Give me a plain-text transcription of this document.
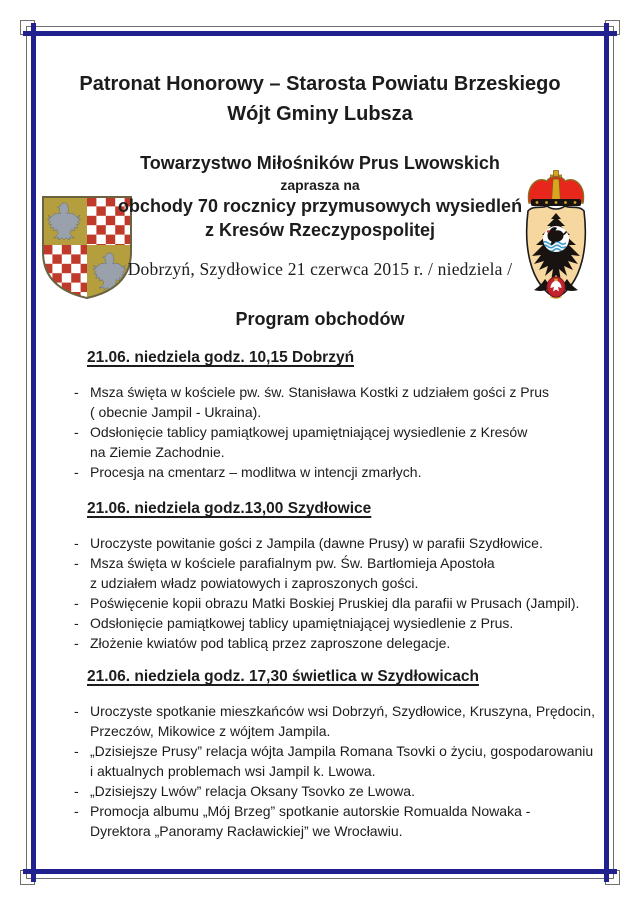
Patronat Honorowy – Starosta Powiatu Brzeskiego
Wójt Gminy Lubsza
Towarzystwo Miłośników Prus Lwowskich
zaprasza na
obchody 70 rocznicy przymusowych wysiedleń
z Kresów Rzeczypospolitej
Dobrzyń, Szydłowice 21 czerwca 2015 r. / niedziela /
Program obchodów
21.06. niedziela godz. 10,15 Dobrzyń
- Msza święta w kościele pw. św. Stanisława Kostki z udziałem gości z Prus
( obecnie Jampil - Ukraina).
- Odsłonięcie tablicy pamiątkowej upamiętniającej wysiedlenie z Kresów
na Ziemie Zachodnie.
- Procesja na cmentarz – modlitwa w intencji zmarłych.
21.06. niedziela godz.13,00 Szydłowice
- Uroczyste powitanie gości z Jampila (dawne Prusy) w parafii Szydłowice.
- Msza święta w kościele parafialnym pw. Św. Bartłomieja Apostoła
z udziałem władz powiatowych i zaproszonych gości.
- Poświęcenie kopii obrazu Matki Boskiej Pruskiej dla parafii w Prusach (Jampil).
- Odsłonięcie pamiątkowej tablicy upamiętniającej wysiedlenie z Prus.
- Złożenie kwiatów pod tablicą przez zaproszone delegacje.
21.06. niedziela godz. 17,30 świetlica w Szydłowicach
- Uroczyste spotkanie mieszkańców wsi Dobrzyń, Szydłowice, Kruszyna, Prędocin,
Przeczów, Mikowice z wójtem Jampila.
- „Dzisiejsze Prusy” relacja wójta Jampila Romana Tsovki o życiu, gospodarowaniu
i aktualnych problemach wsi Jampil k. Lwowa.
- „Dzisiejszy Lwów” relacja Oksany Tsovko ze Lwowa.
- Promocja albumu „Mój Brzeg” spotkanie autorskie Romualda Nowaka -
Dyrektora „Panoramy Racławickiej” we Wrocławiu.
